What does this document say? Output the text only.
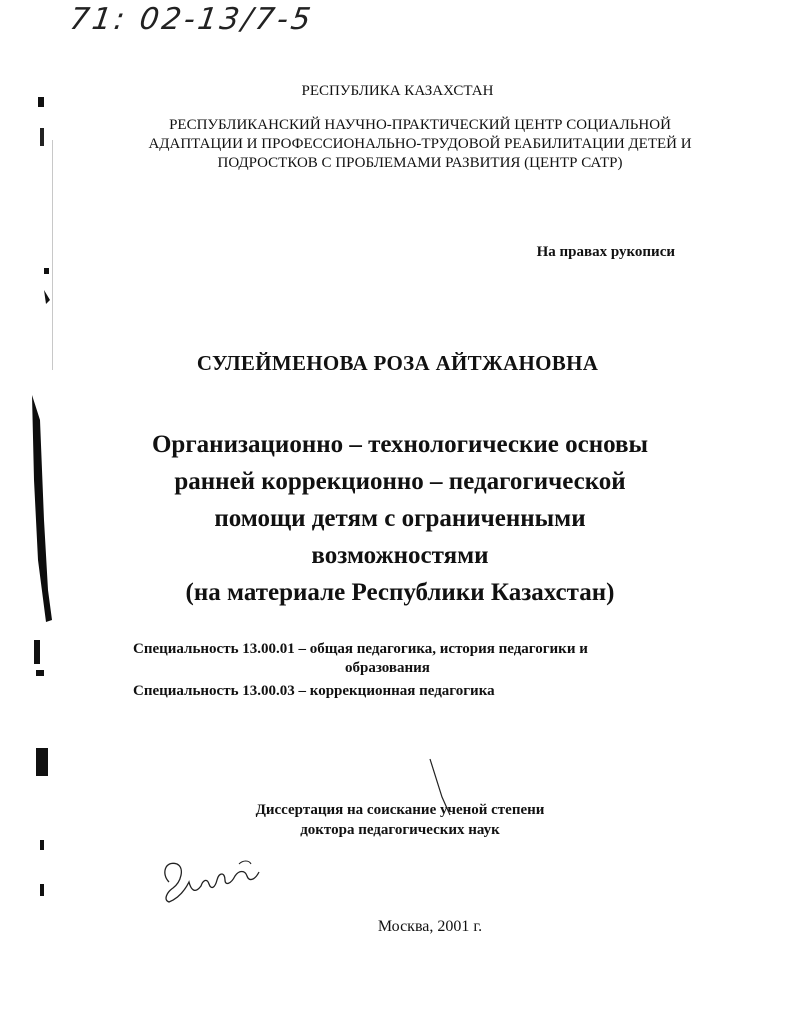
71: 02-13/7-5
РЕСПУБЛИКА КАЗАХСТАН
РЕСПУБЛИКАНСКИЙ НАУЧНО-ПРАКТИЧЕСКИЙ ЦЕНТР СОЦИАЛЬНОЙ
АДАПТАЦИИ И ПРОФЕССИОНАЛЬНО-ТРУДОВОЙ РЕАБИЛИТАЦИИ ДЕТЕЙ И
ПОДРОСТКОВ С ПРОБЛЕМАМИ РАЗВИТИЯ (ЦЕНТР САТР)
На правах рукописи
СУЛЕЙМЕНОВА РОЗА АЙТЖАНОВНА
Организационно – технологические основы
ранней коррекционно – педагогической
помощи детям с ограниченными
возможностями
(на материале Республики Казахстан)
Специальность 13.00.01 – общая педагогика, история педагогики и
образования
Специальность 13.00.03 – коррекционная педагогика
Диссертация на соискание ученой степени
доктора педагогических наук
Москва, 2001 г.
